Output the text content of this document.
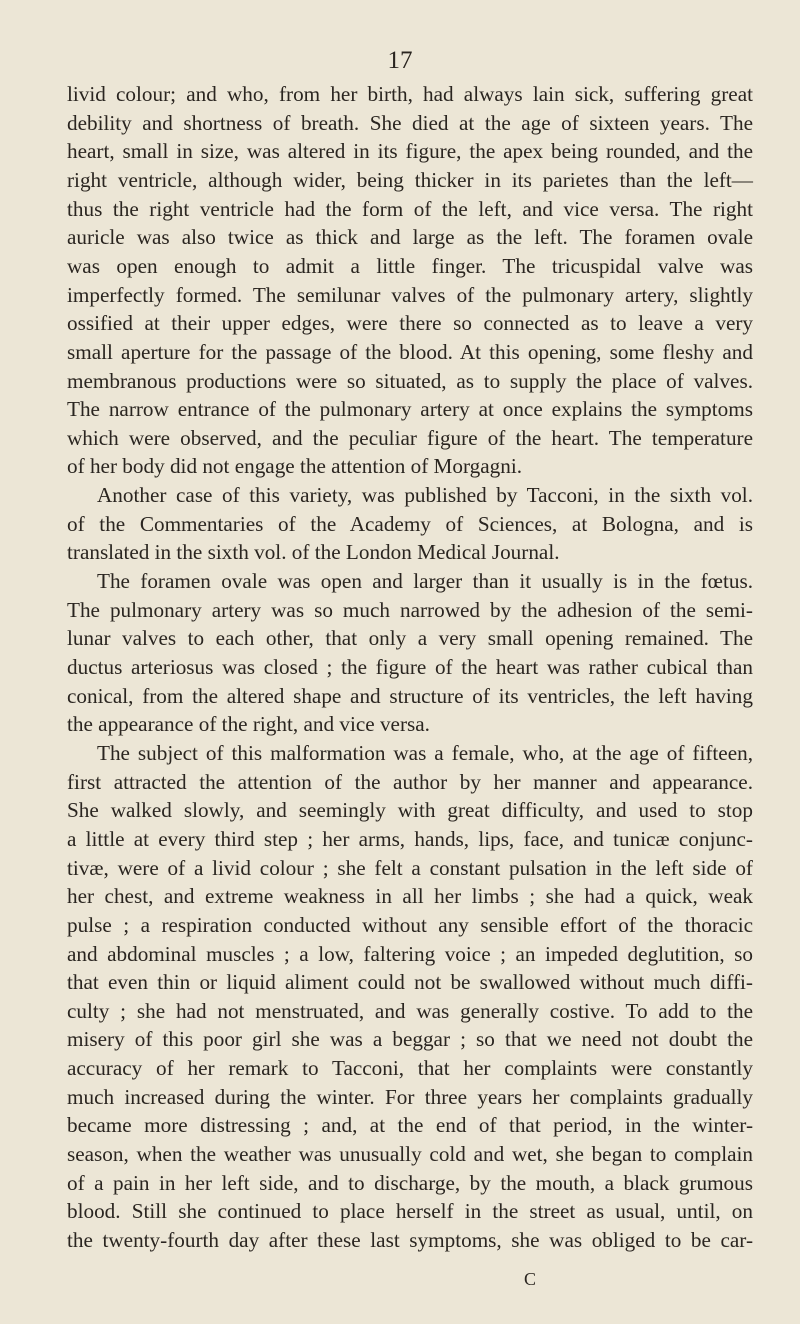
17
livid colour; and who, from her birth, had always lain sick, suffering great
debility and shortness of breath. She died at the age of sixteen years. The
heart, small in size, was altered in its figure, the apex being rounded, and the
right ventricle, although wider, being thicker in its parietes than the left—
thus the right ventricle had the form of the left, and vice versa. The right
auricle was also twice as thick and large as the left. The foramen ovale
was open enough to admit a little finger. The tricuspidal valve was
imperfectly formed. The semilunar valves of the pulmonary artery, slightly
ossified at their upper edges, were there so connected as to leave a very
small aperture for the passage of the blood. At this opening, some fleshy and
membranous productions were so situated, as to supply the place of valves.
The narrow entrance of the pulmonary artery at once explains the symptoms
which were observed, and the peculiar figure of the heart. The temperature
of her body did not engage the attention of Morgagni.
Another case of this variety, was published by Tacconi, in the sixth vol.
of the Commentaries of the Academy of Sciences, at Bologna, and is
translated in the sixth vol. of the London Medical Journal.
The foramen ovale was open and larger than it usually is in the fœtus.
The pulmonary artery was so much narrowed by the adhesion of the semi-
lunar valves to each other, that only a very small opening remained. The
ductus arteriosus was closed ; the figure of the heart was rather cubical than
conical, from the altered shape and structure of its ventricles, the left having
the appearance of the right, and vice versa.
The subject of this malformation was a female, who, at the age of fifteen,
first attracted the attention of the author by her manner and appearance.
She walked slowly, and seemingly with great difficulty, and used to stop
a little at every third step ; her arms, hands, lips, face, and tunicæ conjunc-
tivæ, were of a livid colour ; she felt a constant pulsation in the left side of
her chest, and extreme weakness in all her limbs ; she had a quick, weak
pulse ; a respiration conducted without any sensible effort of the thoracic
and abdominal muscles ; a low, faltering voice ; an impeded deglutition, so
that even thin or liquid aliment could not be swallowed without much diffi-
culty ; she had not menstruated, and was generally costive. To add to the
misery of this poor girl she was a beggar ; so that we need not doubt the
accuracy of her remark to Tacconi, that her complaints were constantly
much increased during the winter. For three years her complaints gradually
became more distressing ; and, at the end of that period, in the winter-
season, when the weather was unusually cold and wet, she began to complain
of a pain in her left side, and to discharge, by the mouth, a black grumous
blood. Still she continued to place herself in the street as usual, until, on
the twenty-fourth day after these last symptoms, she was obliged to be car-
C
